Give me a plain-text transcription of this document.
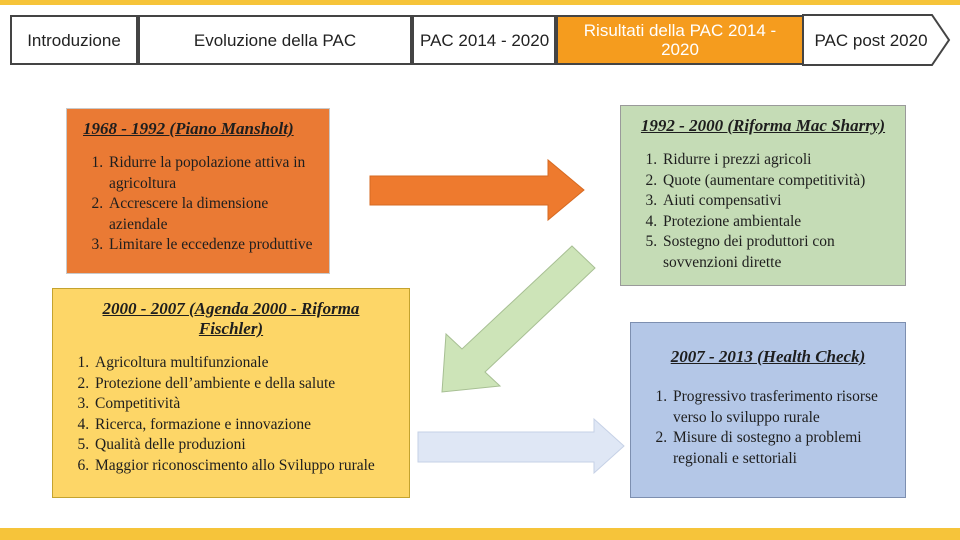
Introduzione	Evoluzione della PAC	PAC 2014 - 2020	Risultati della PAC 2014 - 2020	PAC post 2020
1968 - 1992 (Piano Mansholt)
1. Ridurre la popolazione attiva in agricoltura
2. Accrescere la dimensione aziendale
3. Limitare le eccedenze produttive
1992 - 2000 (Riforma Mac Sharry)
1. Ridurre i prezzi agricoli
2. Quote (aumentare competitività)
3. Aiuti compensativi
4. Protezione ambientale
5. Sostegno dei produttori con sovvenzioni dirette
2000 - 2007 (Agenda 2000 - Riforma Fischler)
1. Agricoltura multifunzionale
2. Protezione dell’ambiente e della salute
3. Competitività
4. Ricerca, formazione e innovazione
5. Qualità delle produzioni
6. Maggior riconoscimento allo Sviluppo rurale
2007 - 2013 (Health Check)
1. Progressivo trasferimento risorse verso lo sviluppo rurale
2. Misure di sostegno a problemi regionali e settoriali
